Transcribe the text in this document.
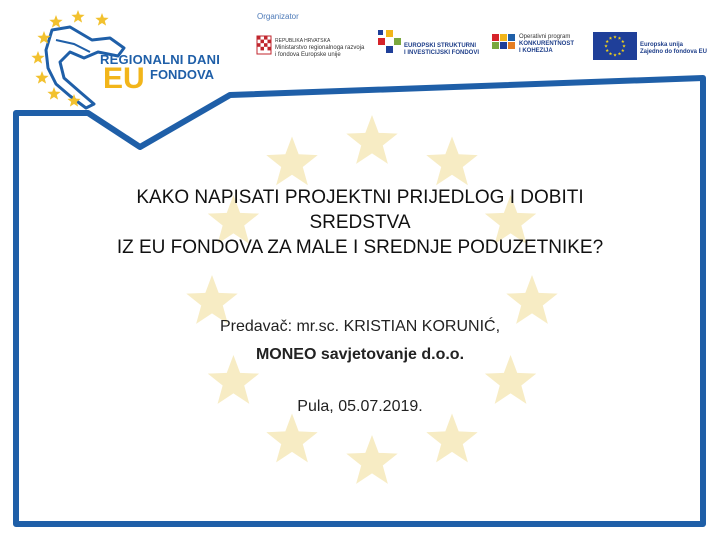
REGIONALNI DANI
EU FONDOVA
Organizator
REPUBLIKA HRVATSKA
Ministarstvo regionalnoga razvoja
i fondova Europske unije
EUROPSKI STRUKTURNI
I INVESTICIJSKI FONDOVI
Operativni program
KONKURENTNOST
I KOHEZIJA
Europska unija
Zajedno do fondova EU
KAKO NAPISATI PROJEKTNI PRIJEDLOG I DOBITI
SREDSTVA
IZ EU FONDOVA ZA MALE I SREDNJE PODUZETNIKE?
Predavač: mr.sc. KRISTIAN KORUNIĆ,
MONEO savjetovanje d.o.o.
Pula, 05.07.2019.
